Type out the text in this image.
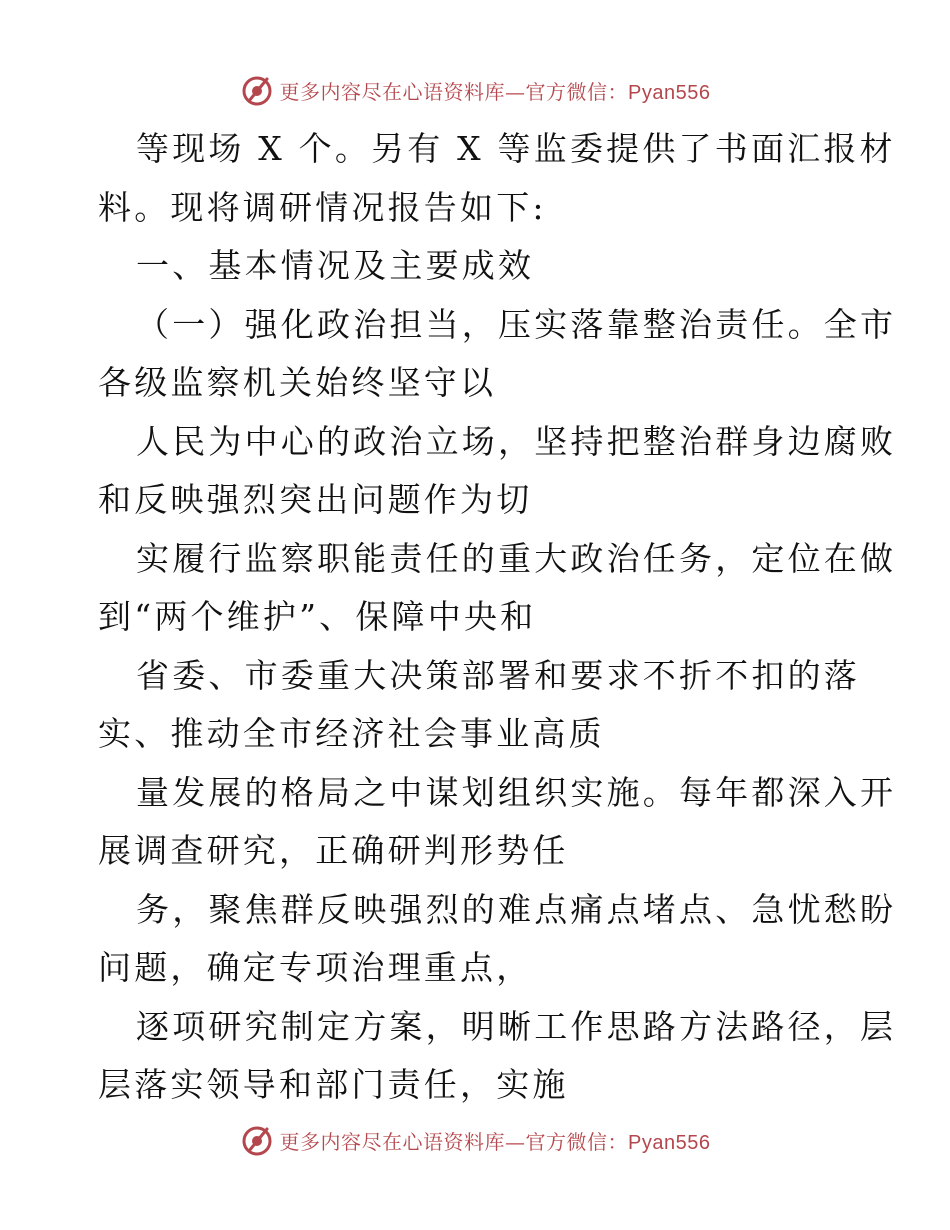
更多内容尽在心语资料库—官方微信：Pyan556
等现场 X 个。另有 X 等监委提供了书面汇报材
料。现将调研情况报告如下:
一、基本情况及主要成效
（一）强化政治担当，压实落靠整治责任。全市
各级监察机关始终坚守以
人民为中心的政治立场，坚持把整治群身边腐败
和反映强烈突出问题作为切
实履行监察职能责任的重大政治任务，定位在做
到“两个维护”、保障中央和
省委、市委重大决策部署和要求不折不扣的落
实、推动全市经济社会事业高质
量发展的格局之中谋划组织实施。每年都深入开
展调查研究，正确研判形势任
务，聚焦群反映强烈的难点痛点堵点、急忧愁盼
问题，确定专项治理重点，
逐项研究制定方案，明晰工作思路方法路径，层
层落实领导和部门责任，实施
更多内容尽在心语资料库—官方微信：Pyan556
